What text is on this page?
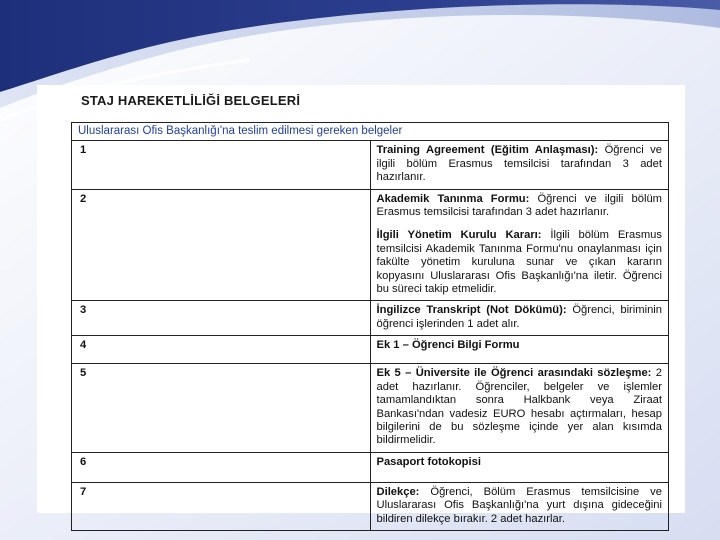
STAJ HAREKETLİLİĞİ BELGELERİ
Uluslararası Ofis Başkanlığı'na teslim edilmesi gereken belgeler	
1	Training Agreement (Eğitim Anlaşması): Öğrenci ve ilgili bölüm Erasmus temsilcisi tarafından 3 adet hazırlanır.
2	Akademik Tanınma Formu: Öğrenci ve ilgili bölüm Erasmus temsilcisi tarafından 3 adet hazırlanır.
İlgili Yönetim Kurulu Kararı: İlgili bölüm Erasmus temsilcisi Akademik Tanınma Formu'nu onaylanması için fakülte yönetim kuruluna sunar ve çıkan kararın kopyasını Uluslararası Ofis Başkanlığı'na iletir. Öğrenci bu süreci takip etmelidir.

3	İngilizce Transkript (Not Dökümü): Öğrenci, biriminin öğrenci işlerinden 1 adet alır.
4	Ek 1 – Öğrenci Bilgi Formu
5	Ek 5 – Üniversite ile Öğrenci arasındaki sözleşme: 2 adet hazırlanır. Öğrenciler, belgeler ve işlemler tamamlandıktan sonra Halkbank veya Ziraat Bankası'ndan vadesiz EURO hesabı açtırmaları, hesap bilgilerini de bu sözleşme içinde yer alan kısımda bildirmelidir.
6	Pasaport fotokopisi
7	Dilekçe: Öğrenci, Bölüm Erasmus temsilcisine ve Uluslararası Ofis Başkanlığı'na yurt dışına gideceğini bildiren dilekçe bırakır. 2 adet hazırlar.
